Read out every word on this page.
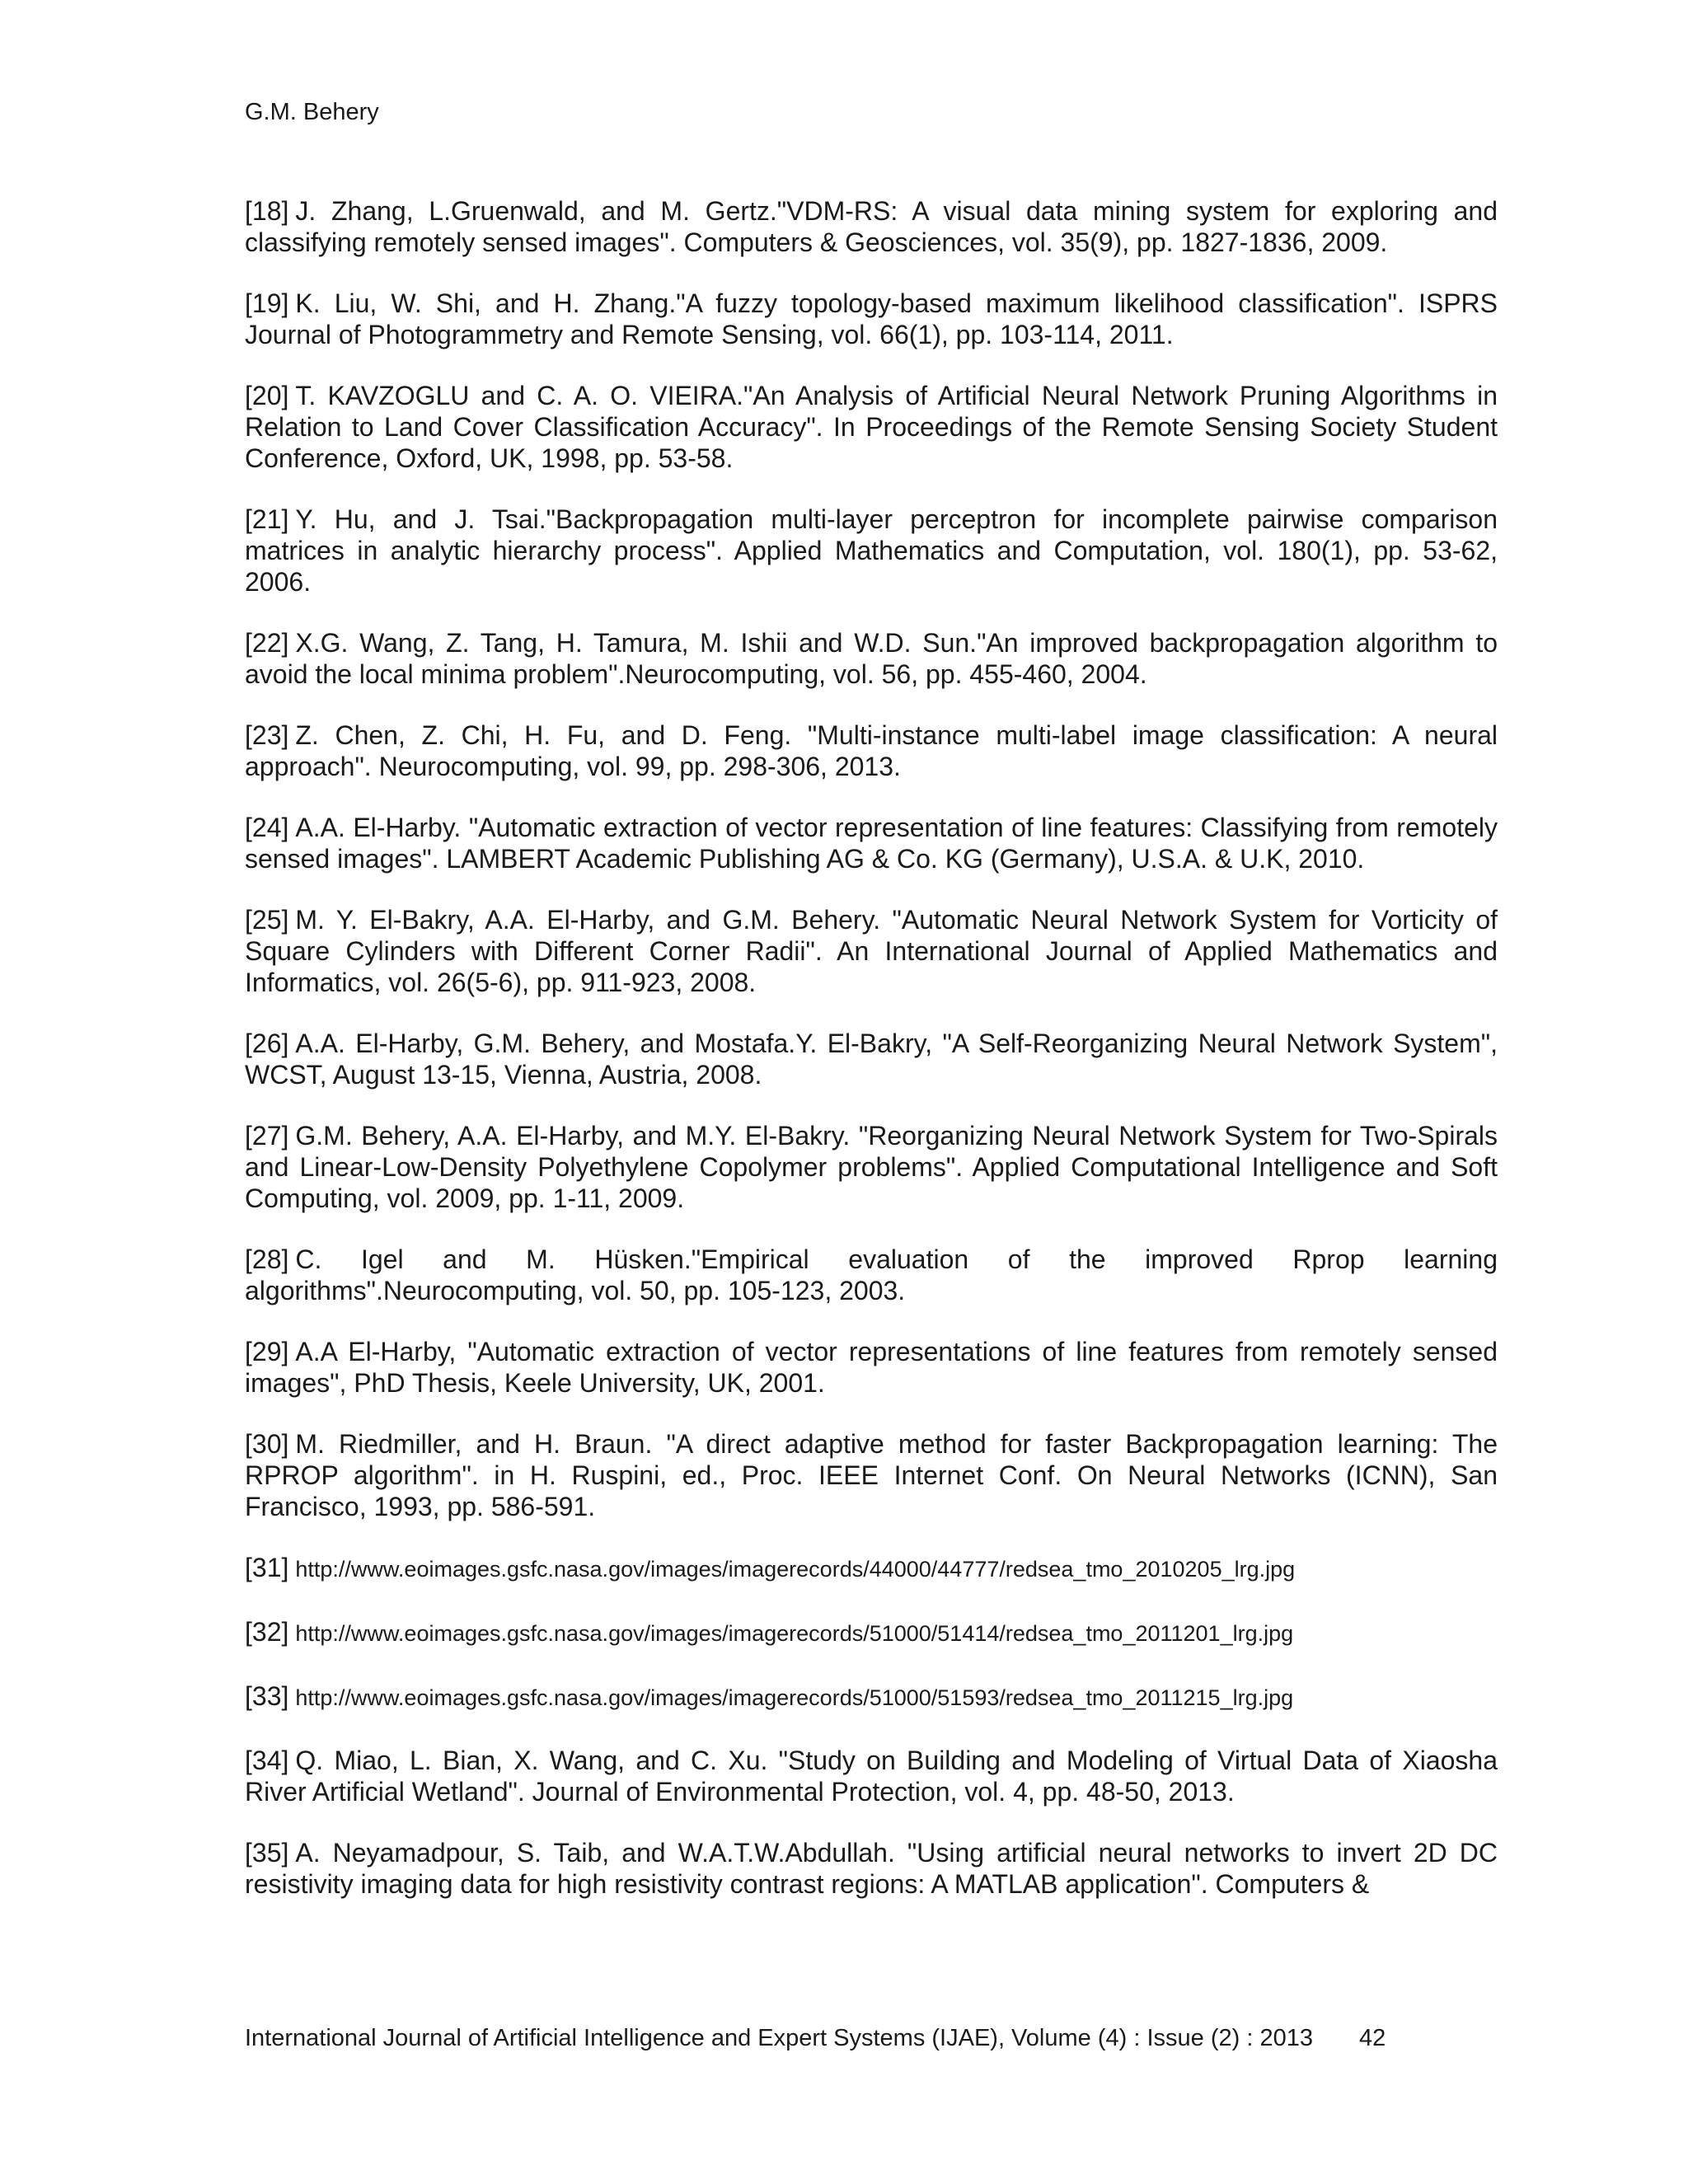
G.M. Behery

[18] J. Zhang, L.Gruenwald, and M. Gertz."VDM-RS: A visual data mining system for exploring and classifying remotely sensed images". Computers & Geosciences, vol. 35(9), pp. 1827-1836, 2009.

[19] K. Liu, W. Shi, and H. Zhang."A fuzzy topology-based maximum likelihood classification". ISPRS Journal of Photogrammetry and Remote Sensing, vol. 66(1), pp. 103-114, 2011.

[20] T. KAVZOGLU and C. A. O. VIEIRA."An Analysis of Artificial Neural Network Pruning Algorithms in Relation to Land Cover Classification Accuracy". In Proceedings of the Remote Sensing Society Student Conference, Oxford, UK, 1998, pp. 53-58.

[21] Y. Hu, and J. Tsai."Backpropagation multi-layer perceptron for incomplete pairwise comparison matrices in analytic hierarchy process". Applied Mathematics and Computation, vol. 180(1), pp. 53-62, 2006.

[22] X.G. Wang, Z. Tang, H. Tamura, M. Ishii and W.D. Sun."An improved backpropagation algorithm to avoid the local minima problem".Neurocomputing, vol. 56, pp. 455-460, 2004.

[23] Z. Chen, Z. Chi, H. Fu, and D. Feng. "Multi-instance multi-label image classification: A neural approach". Neurocomputing, vol. 99, pp. 298-306, 2013.

[24] A.A. El-Harby. "Automatic extraction of vector representation of line features: Classifying from remotely sensed images". LAMBERT Academic Publishing AG & Co. KG (Germany), U.S.A. & U.K, 2010.

[25] M. Y. El-Bakry, A.A. El-Harby, and G.M. Behery. "Automatic Neural Network System for Vorticity of Square Cylinders with Different Corner Radii". An International Journal of Applied Mathematics and Informatics, vol. 26(5-6), pp. 911-923, 2008.

[26] A.A. El-Harby, G.M. Behery, and Mostafa.Y. El-Bakry, "A Self-Reorganizing Neural Network System", WCST, August 13-15, Vienna, Austria, 2008.

[27] G.M. Behery, A.A. El-Harby, and M.Y. El-Bakry. "Reorganizing Neural Network System for Two-Spirals and Linear-Low-Density Polyethylene Copolymer problems". Applied Computational Intelligence and Soft Computing, vol. 2009, pp. 1-11, 2009.

[28] C. Igel and M. Hüsken."Empirical evaluation of the improved Rprop learning algorithms".Neurocomputing, vol. 50, pp. 105-123, 2003.

[29] A.A El-Harby, "Automatic extraction of vector representations of line features from remotely sensed images", PhD Thesis, Keele University, UK, 2001.

[30] M. Riedmiller, and H. Braun. "A direct adaptive method for faster Backpropagation learning: The RPROP algorithm". in H. Ruspini, ed., Proc. IEEE Internet Conf. On Neural Networks (ICNN), San Francisco, 1993, pp. 586-591.

[31] http://www.eoimages.gsfc.nasa.gov/images/imagerecords/44000/44777/redsea_tmo_2010205_lrg.jpg

[32] http://www.eoimages.gsfc.nasa.gov/images/imagerecords/51000/51414/redsea_tmo_2011201_lrg.jpg

[33] http://www.eoimages.gsfc.nasa.gov/images/imagerecords/51000/51593/redsea_tmo_2011215_lrg.jpg

[34] Q. Miao, L. Bian, X. Wang, and C. Xu. "Study on Building and Modeling of Virtual Data of Xiaosha River Artificial Wetland". Journal of Environmental Protection, vol. 4, pp. 48-50, 2013.

[35] A. Neyamadpour, S. Taib, and W.A.T.W.Abdullah. "Using artificial neural networks to invert 2D DC resistivity imaging data for high resistivity contrast regions: A MATLAB application". Computers &

International Journal of Artificial Intelligence and Expert Systems (IJAE), Volume (4) : Issue (2) : 2013 42
